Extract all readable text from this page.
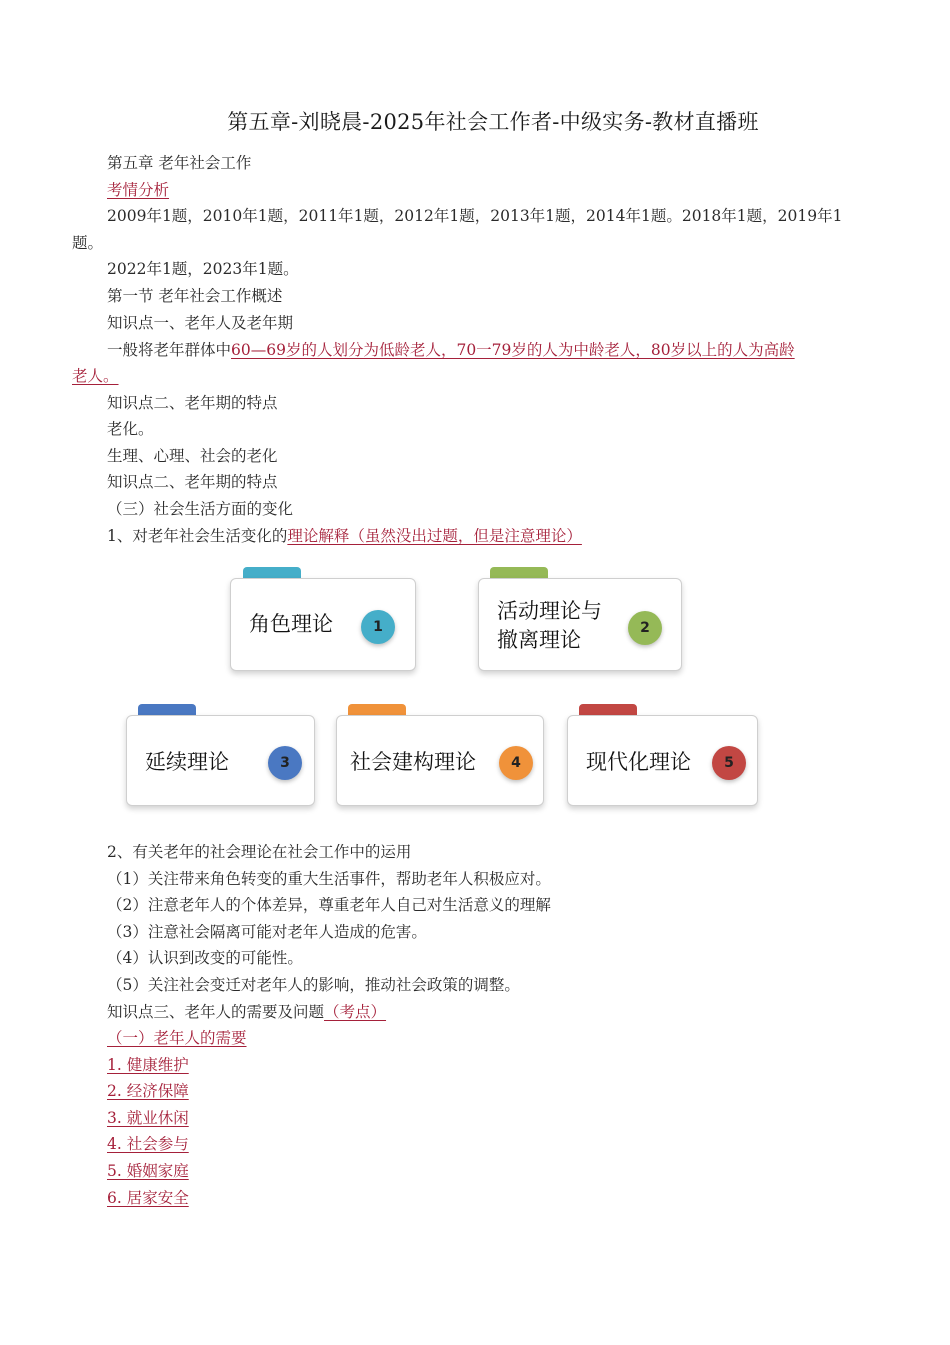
第五章-刘晓晨-2025年社会工作者-中级实务-教材直播班
第五章 老年社会工作
考情分析
2009年1题，2010年1题，2011年1题，2012年1题，2013年1题，2014年1题。2018年1题，2019年1
题。
2022年1题，2023年1题。
第一节 老年社会工作概述
知识点一、老年人及老年期
一般将老年群体中60—69岁的人划分为低龄老人，70一79岁的人为中龄老人，80岁以上的人为高龄
老人。
知识点二、老年期的特点
老化。
生理、心理、社会的老化
知识点二、老年期的特点
（三）社会生活方面的变化
1、对老年社会生活变化的理论解释（虽然没出过题，但是注意理论）
角色理论	1
活动理论与
撤离理论	2
延续理论	3	社会建构理论	4	现代化理论	5
2、有关老年的社会理论在社会工作中的运用
（1）关注带来角色转变的重大生活事件，帮助老年人积极应对。
（2）注意老年人的个体差异，尊重老年人自己对生活意义的理解
（3）注意社会隔离可能对老年人造成的危害。
（4）认识到改变的可能性。
（5）关注社会变迁对老年人的影响，推动社会政策的调整。
知识点三、老年人的需要及问题（考点）
（一）老年人的需要
1. 健康维护
2. 经济保障
3. 就业休闲
4. 社会参与
5. 婚姻家庭
6. 居家安全
